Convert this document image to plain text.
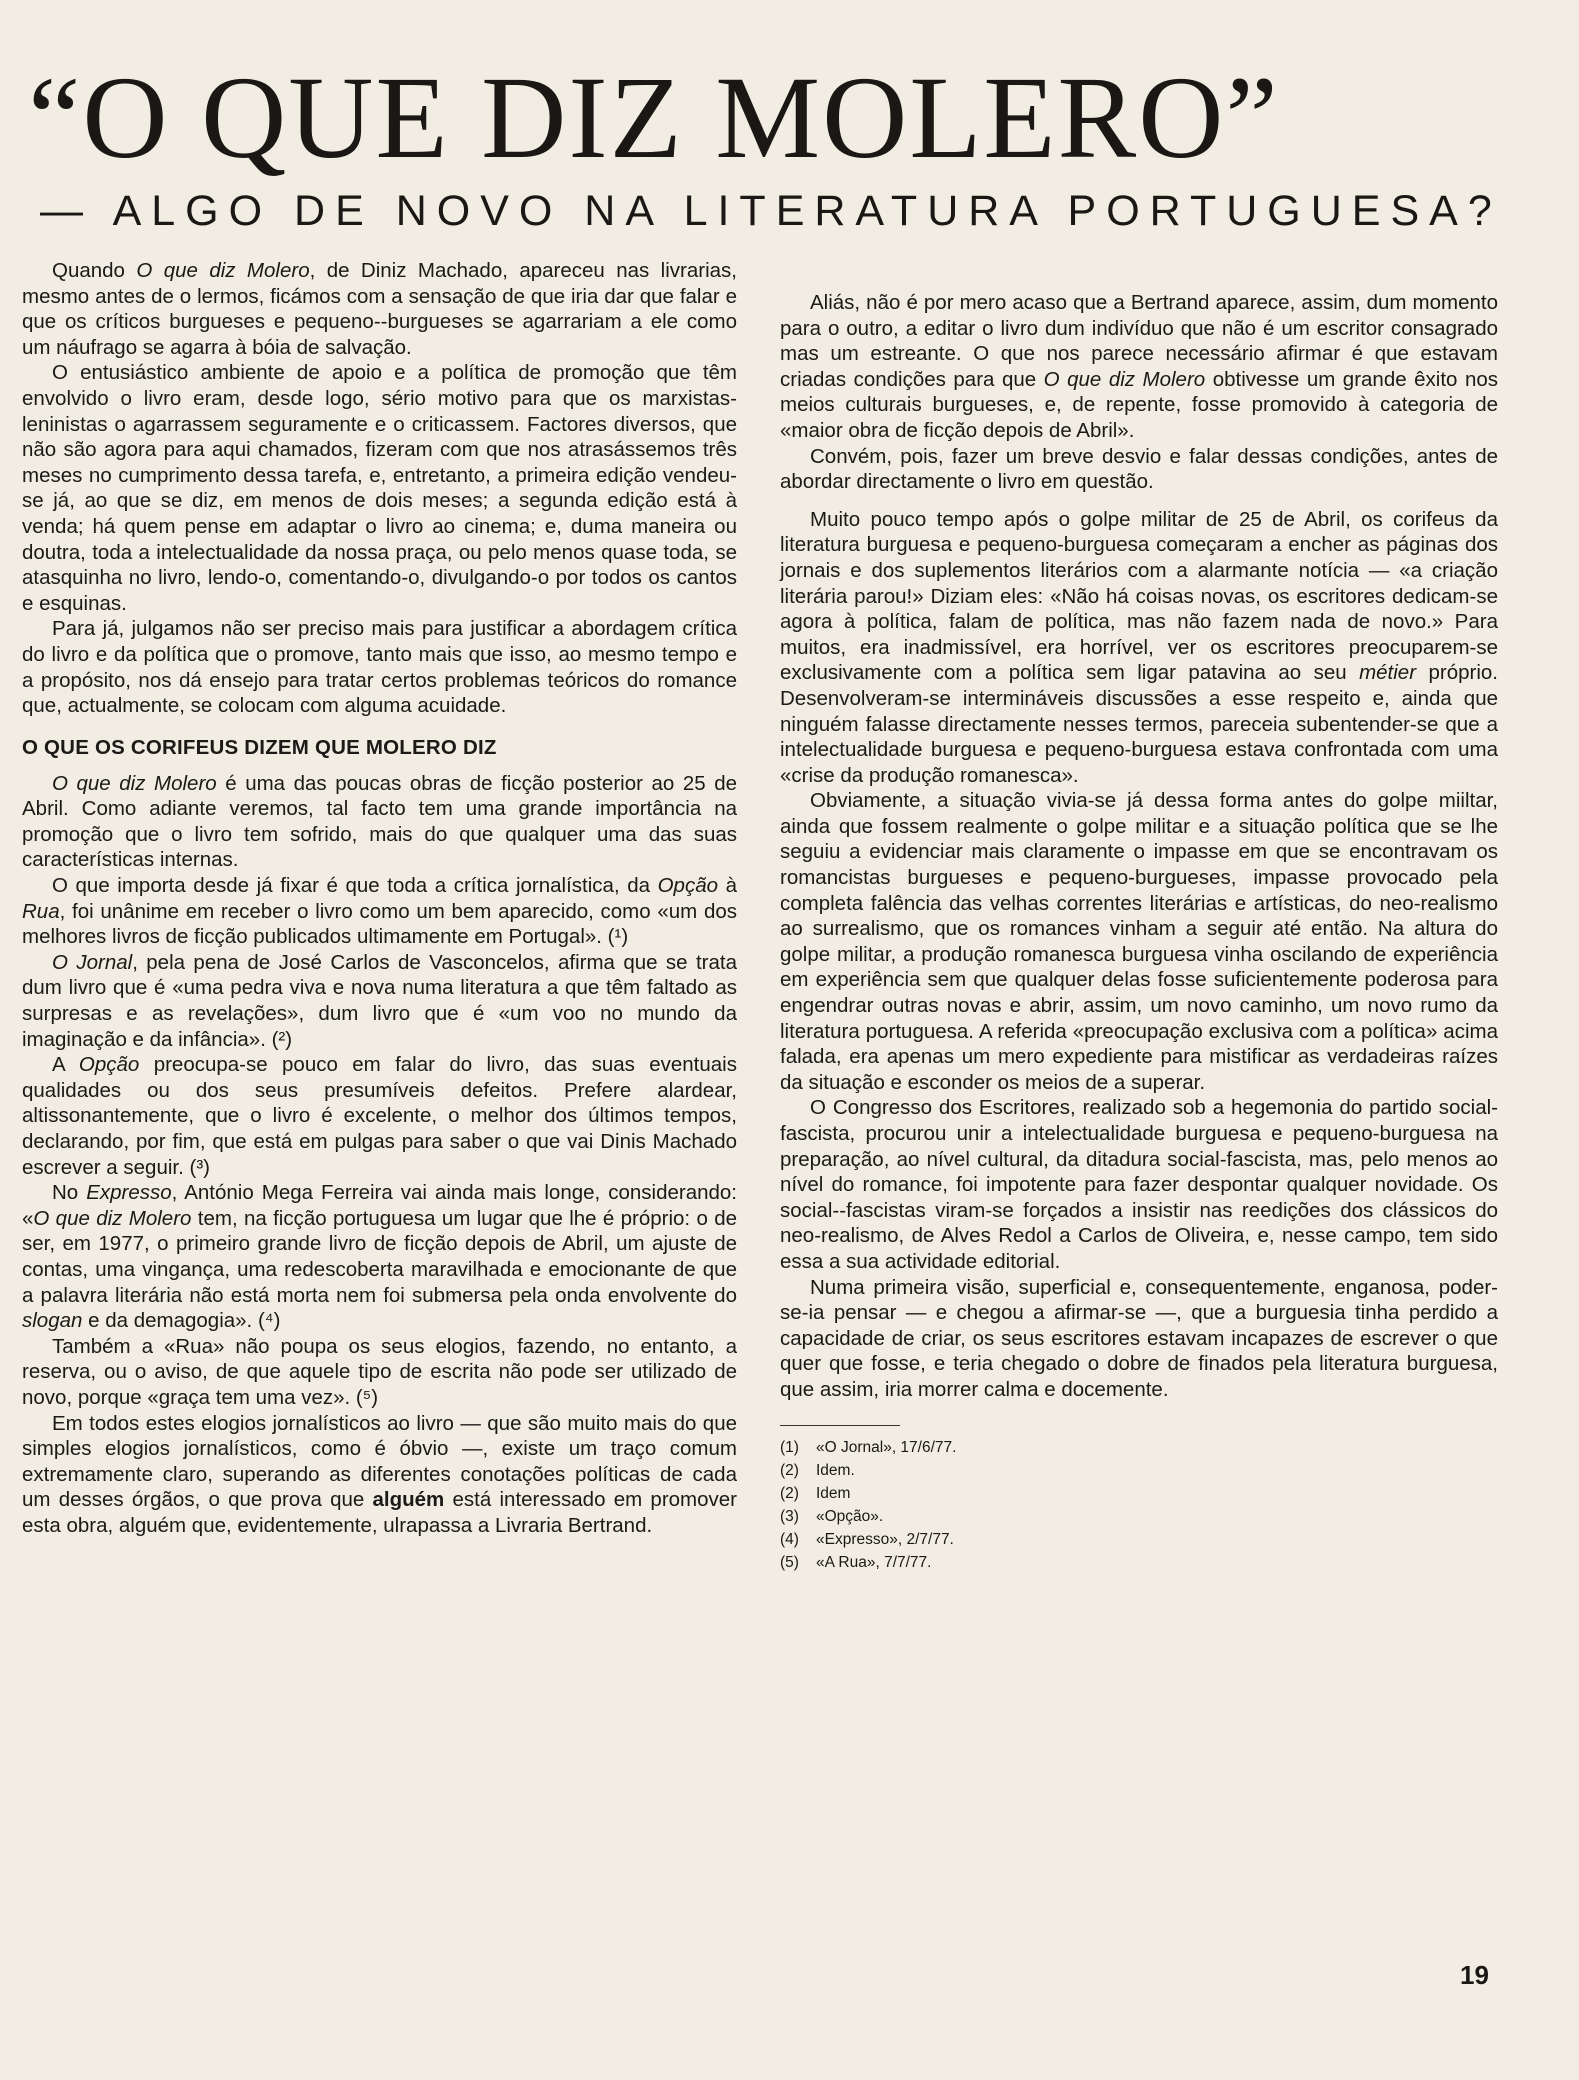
“O QUE DIZ MOLERO”
— ALGO DE NOVO NA LITERATURA PORTUGUESA?

Quando O que diz Molero, de Diniz Machado, apareceu nas livrarias, mesmo antes de o lermos, ficámos com a sensação de que iria dar que falar e que os críticos burgueses e pequeno--burgueses se agarrariam a ele como um náufrago se agarra à bóia de salvação.

O entusiástico ambiente de apoio e a política de promoção que têm envolvido o livro eram, desde logo, sério motivo para que os marxistas-leninistas o agarrassem seguramente e o criticassem. Factores diversos, que não são agora para aqui chamados, fizeram com que nos atrasássemos três meses no cumprimento dessa tarefa, e, entretanto, a primeira edição vendeu-se já, ao que se diz, em menos de dois meses; a segunda edição está à venda; há quem pense em adaptar o livro ao cinema; e, duma maneira ou doutra, toda a intelectualidade da nossa praça, ou pelo menos quase toda, se atasquinha no livro, lendo-o, comentando-o, divulgando-o por todos os cantos e esquinas.

Para já, julgamos não ser preciso mais para justificar a abordagem crítica do livro e da política que o promove, tanto mais que isso, ao mesmo tempo e a propósito, nos dá ensejo para tratar certos problemas teóricos do romance que, actualmente, se colocam com alguma acuidade.

O QUE OS CORIFEUS DIZEM QUE MOLERO DIZ

O que diz Molero é uma das poucas obras de ficção posterior ao 25 de Abril. Como adiante veremos, tal facto tem uma grande importância na promoção que o livro tem sofrido, mais do que qualquer uma das suas características internas.

O que importa desde já fixar é que toda a crítica jornalística, da Opção à Rua, foi unânime em receber o livro como um bem aparecido, como «um dos melhores livros de ficção publicados ultimamente em Portugal». (¹)

O Jornal, pela pena de José Carlos de Vasconcelos, afirma que se trata dum livro que é «uma pedra viva e nova numa literatura a que têm faltado as surpresas e as revelações», dum livro que é «um voo no mundo da imaginação e da infância». (²)

A Opção preocupa-se pouco em falar do livro, das suas eventuais qualidades ou dos seus presumíveis defeitos. Prefere alardear, altissonantemente, que o livro é excelente, o melhor dos últimos tempos, declarando, por fim, que está em pulgas para saber o que vai Dinis Machado escrever a seguir. (³)

No Expresso, António Mega Ferreira vai ainda mais longe, considerando: «O que diz Molero tem, na ficção portuguesa um lugar que lhe é próprio: o de ser, em 1977, o primeiro grande livro de ficção depois de Abril, um ajuste de contas, uma vingança, uma redescoberta maravilhada e emocionante de que a palavra literária não está morta nem foi submersa pela onda envolvente do slogan e da demagogia». (⁴)

Também a «Rua» não poupa os seus elogios, fazendo, no entanto, a reserva, ou o aviso, de que aquele tipo de escrita não pode ser utilizado de novo, porque «graça tem uma vez». (⁵)

Em todos estes elogios jornalísticos ao livro — que são muito mais do que simples elogios jornalísticos, como é óbvio —, existe um traço comum extremamente claro, superando as diferentes conotações políticas de cada um desses órgãos, o que prova que alguém está interessado em promover esta obra, alguém que, evidentemente, ulrapassa a Livraria Bertrand.

Aliás, não é por mero acaso que a Bertrand aparece, assim, dum momento para o outro, a editar o livro dum indivíduo que não é um escritor consagrado mas um estreante. O que nos parece necessário afirmar é que estavam criadas condições para que O que diz Molero obtivesse um grande êxito nos meios culturais burgueses, e, de repente, fosse promovido à categoria de «maior obra de ficção depois de Abril».

Convém, pois, fazer um breve desvio e falar dessas condições, antes de abordar directamente o livro em questão.

Muito pouco tempo após o golpe militar de 25 de Abril, os corifeus da literatura burguesa e pequeno-burguesa começaram a encher as páginas dos jornais e dos suplementos literários com a alarmante notícia — «a criação literária parou!» Diziam eles: «Não há coisas novas, os escritores dedicam-se agora à política, falam de política, mas não fazem nada de novo.» Para muitos, era inadmissível, era horrível, ver os escritores preocuparem-se exclusivamente com a política sem ligar patavina ao seu métier próprio. Desenvolveram-se intermináveis discussões a esse respeito e, ainda que ninguém falasse directamente nesses termos, pareceia subentender-se que a intelectualidade burguesa e pequeno-burguesa estava confrontada com uma «crise da produção romanesca».

Obviamente, a situação vivia-se já dessa forma antes do golpe miiltar, ainda que fossem realmente o golpe militar e a situação política que se lhe seguiu a evidenciar mais claramente o impasse em que se encontravam os romancistas burgueses e pequeno-burgueses, impasse provocado pela completa falência das velhas correntes literárias e artísticas, do neo-realismo ao surrealismo, que os romances vinham a seguir até então. Na altura do golpe militar, a produção romanesca burguesa vinha oscilando de experiência em experiência sem que qualquer delas fosse suficientemente poderosa para engendrar outras novas e abrir, assim, um novo caminho, um novo rumo da literatura portuguesa. A referida «preocupação exclusiva com a política» acima falada, era apenas um mero expediente para mistificar as verdadeiras raízes da situação e esconder os meios de a superar.

O Congresso dos Escritores, realizado sob a hegemonia do partido social-fascista, procurou unir a intelectualidade burguesa e pequeno-burguesa na preparação, ao nível cultural, da ditadura social-fascista, mas, pelo menos ao nível do romance, foi impotente para fazer despontar qualquer novidade. Os social--fascistas viram-se forçados a insistir nas reedições dos clássicos do neo-realismo, de Alves Redol a Carlos de Oliveira, e, nesse campo, tem sido essa a sua actividade editorial.

Numa primeira visão, superficial e, consequentemente, enganosa, poder-se-ia pensar — e chegou a afirmar-se —, que a burguesia tinha perdido a capacidade de criar, os seus escritores estavam incapazes de escrever o que quer que fosse, e teria chegado o dobre de finados pela literatura burguesa, que assim, iria morrer calma e docemente.

(1)	«O Jornal», 17/6/77.
(2)	Idem.
(2)	Idem
(3)	«Opção».
(4)	«Expresso», 2/7/77.
(5)	«A Rua», 7/7/77.
19
